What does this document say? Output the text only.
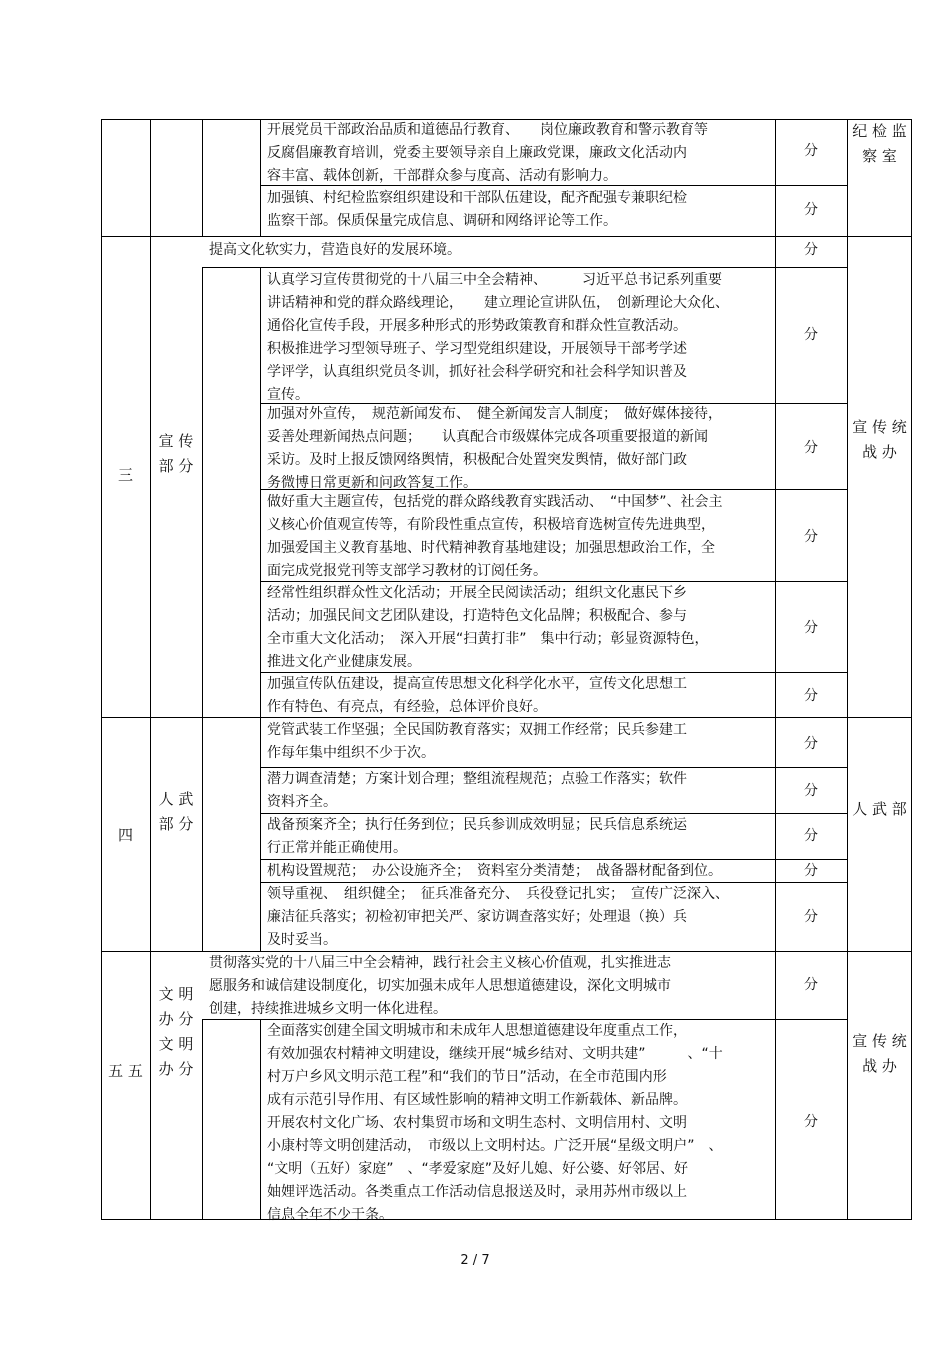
开展党员干部政治品质和道德品行教育、　　岗位廉政教育和警示教育等
反腐倡廉教育培训，党委主要领导亲自上廉政党课，廉政文化活动内
容丰富、载体创新，干部群众参与度高、活动有影响力。
分
加强镇、村纪检监察组织建设和干部队伍建设，配齐配强专兼职纪检
监察干部。保质保量完成信息、调研和网络评论等工作。
分
纪 检 监 察 室
三
宣 传 部 分
提高文化软实力，营造良好的发展环境。	分
认真学习宣传贯彻党的十八届三中全会精神、　　　习近平总书记系列重要
讲话精神和党的群众路线理论，　　建立理论宣讲队伍，　创新理论大众化、
通俗化宣传手段，开展多种形式的形势政策教育和群众性宣教活动。
积极推进学习型领导班子、学习型党组织建设，开展领导干部考学述
学评学，认真组织党员冬训，抓好社会科学研究和社会科学知识普及
宣传。
分
加强对外宣传，　规范新闻发布、　健全新闻发言人制度；　做好媒体接待，
妥善处理新闻热点问题；　　认真配合市级媒体完成各项重要报道的新闻
采访。及时上报反馈网络舆情，积极配合处置突发舆情，做好部门政
务微博日常更新和问政答复工作。
分
做好重大主题宣传，包括党的群众路线教育实践活动、　“中国梦”、社会主
义核心价值观宣传等，有阶段性重点宣传，积极培育选树宣传先进典型，
加强爱国主义教育基地、时代精神教育基地建设；加强思想政治工作，全
面完成党报党刊等支部学习教材的订阅任务。
分
经常性组织群众性文化活动；开展全民阅读活动；组织文化惠民下乡
活动；加强民间文艺团队建设，打造特色文化品牌；积极配合、参与
全市重大文化活动；　深入开展“扫黄打非”　集中行动；彰显资源特色，
推进文化产业健康发展。
分
加强宣传队伍建设，提高宣传思想文化科学化水平，宣传文化思想工
作有特色、有亮点，有经验，总体评价良好。
分
宣 传 统 战 办
四
人 武 部 分
党管武装工作坚强；全民国防教育落实；双拥工作经常；民兵参建工
作每年集中组织不少于次。
分
潜力调查清楚；方案计划合理；整组流程规范；点验工作落实；软件
资料齐全。
分
战备预案齐全；执行任务到位；民兵参训成效明显；民兵信息系统运
行正常并能正确使用。
分
机构设置规范；　办公设施齐全；　资料室分类清楚；　战备器材配备到位。	分
领导重视、　组织健全；　征兵准备充分、　兵役登记扎实；　宣传广泛深入、
廉洁征兵落实；初检初审把关严、家访调查落实好；处理退（换）兵
及时妥当。
分
人 武 部
五 五
文 明 办 分 文 明 办 分
贯彻落实党的十八届三中全会精神，践行社会主义核心价值观，扎实推进志
愿服务和诚信建设制度化，切实加强未成年人思想道德建设，深化文明城市
创建，持续推进城乡文明一体化进程。
分
全面落实创建全国文明城市和未成年人思想道德建设年度重点工作，
有效加强农村精神文明建设，继续开展“城乡结对、文明共建”　　　、“十
村万户乡风文明示范工程”和“我们的节日”活动，在全市范围内形
成有示范引导作用、有区域性影响的精神文明工作新载体、新品牌。
开展农村文化广场、农村集贸市场和文明生态村、文明信用村、文明
小康村等文明创建活动，　市级以上文明村达。广泛开展“星级文明户”　、
“文明（五好）家庭”　、“孝爱家庭”及好儿媳、好公婆、好邻居、好
妯娌评选活动。各类重点工作活动信息报送及时，录用苏州市级以上
信息全年不少于条。
分
宣 传 统 战 办
2 / 7
